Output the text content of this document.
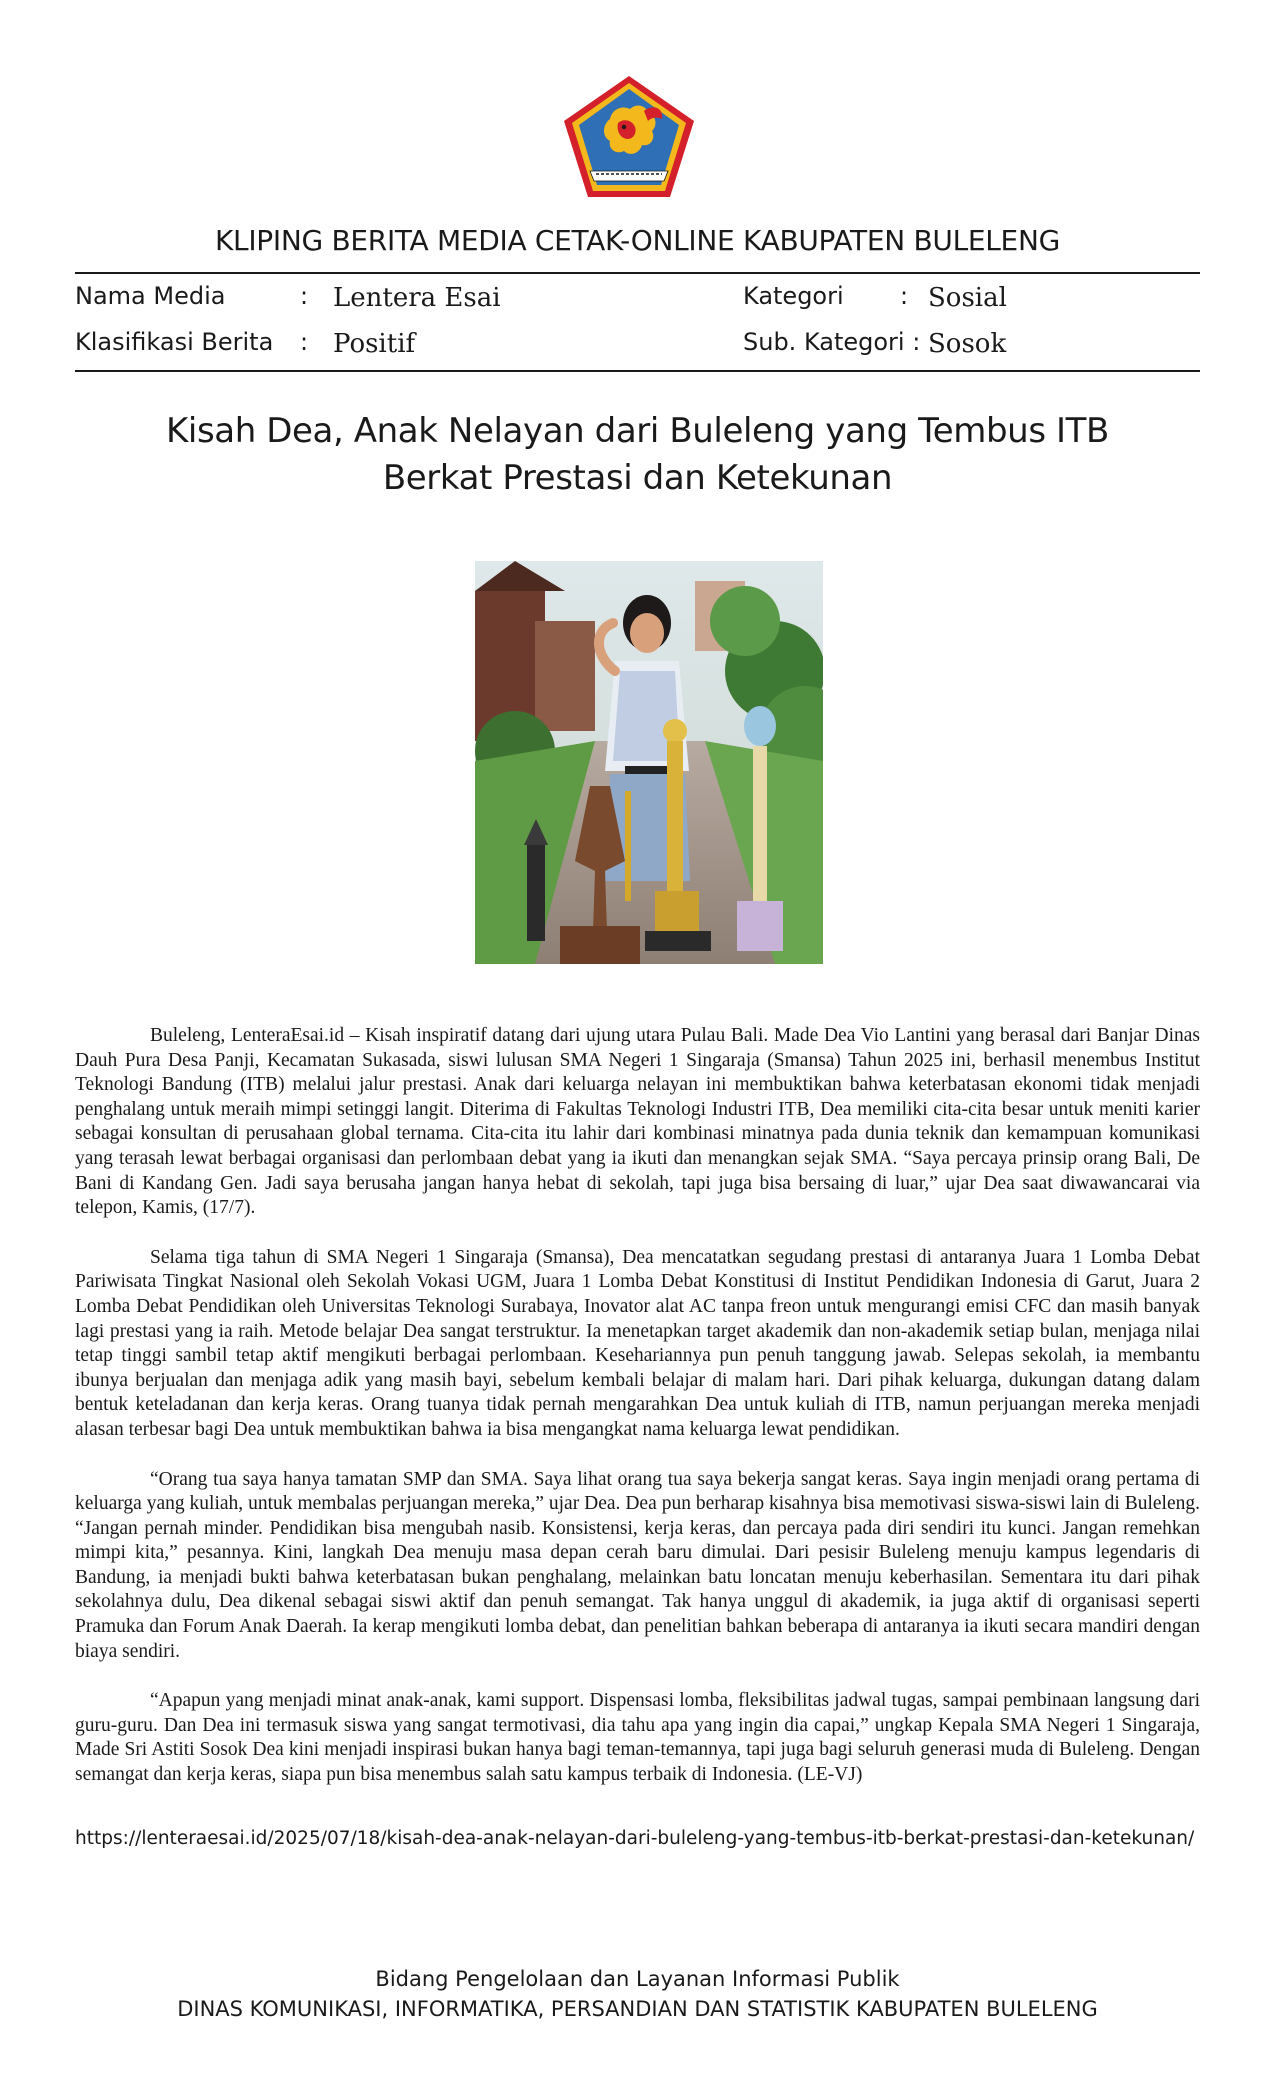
KLIPING BERITA MEDIA CETAK-ONLINE KABUPATEN BULELENG
Nama Media	: Lentera Esai	Kategori : Sosial
Klasifikasi Berita : Positif	Sub. Kategori : Sosok
Kisah Dea, Anak Nelayan dari Buleleng yang Tembus ITB
Berkat Prestasi dan Ketekunan

Buleleng, LenteraEsai.id – Kisah inspiratif datang dari ujung utara Pulau Bali. Made Dea Vio Lantini yang berasal dari Banjar Dinas Dauh Pura Desa Panji, Kecamatan Sukasada, siswi lulusan SMA Negeri 1 Singaraja (Smansa) Tahun 2025 ini, berhasil menembus Institut Teknologi Bandung (ITB) melalui jalur prestasi. Anak dari keluarga nelayan ini membuktikan bahwa keterbatasan ekonomi tidak menjadi penghalang untuk meraih mimpi setinggi langit. Diterima di Fakultas Teknologi Industri ITB, Dea memiliki cita-cita besar untuk meniti karier sebagai konsultan di perusahaan global ternama. Cita-cita itu lahir dari kombinasi minatnya pada dunia teknik dan kemampuan komunikasi yang terasah lewat berbagai organisasi dan perlombaan debat yang ia ikuti dan menangkan sejak SMA. “Saya percaya prinsip orang Bali, De Bani di Kandang Gen. Jadi saya berusaha jangan hanya hebat di sekolah, tapi juga bisa bersaing di luar,” ujar Dea saat diwawancarai via telepon, Kamis, (17/7).

Selama tiga tahun di SMA Negeri 1 Singaraja (Smansa), Dea mencatatkan segudang prestasi di antaranya Juara 1 Lomba Debat Pariwisata Tingkat Nasional oleh Sekolah Vokasi UGM, Juara 1 Lomba Debat Konstitusi di Institut Pendidikan Indonesia di Garut, Juara 2 Lomba Debat Pendidikan oleh Universitas Teknologi Surabaya, Inovator alat AC tanpa freon untuk mengurangi emisi CFC dan masih banyak lagi prestasi yang ia raih. Metode belajar Dea sangat terstruktur. Ia menetapkan target akademik dan non-akademik setiap bulan, menjaga nilai tetap tinggi sambil tetap aktif mengikuti berbagai perlombaan. Kesehariannya pun penuh tanggung jawab. Selepas sekolah, ia membantu ibunya berjualan dan menjaga adik yang masih bayi, sebelum kembali belajar di malam hari. Dari pihak keluarga, dukungan datang dalam bentuk keteladanan dan kerja keras. Orang tuanya tidak pernah mengarahkan Dea untuk kuliah di ITB, namun perjuangan mereka menjadi alasan terbesar bagi Dea untuk membuktikan bahwa ia bisa mengangkat nama keluarga lewat pendidikan.

“Orang tua saya hanya tamatan SMP dan SMA. Saya lihat orang tua saya bekerja sangat keras. Saya ingin menjadi orang pertama di keluarga yang kuliah, untuk membalas perjuangan mereka,” ujar Dea. Dea pun berharap kisahnya bisa memotivasi siswa-siswi lain di Buleleng. “Jangan pernah minder. Pendidikan bisa mengubah nasib. Konsistensi, kerja keras, dan percaya pada diri sendiri itu kunci. Jangan remehkan mimpi kita,” pesannya. Kini, langkah Dea menuju masa depan cerah baru dimulai. Dari pesisir Buleleng menuju kampus legendaris di Bandung, ia menjadi bukti bahwa keterbatasan bukan penghalang, melainkan batu loncatan menuju keberhasilan. Sementara itu dari pihak sekolahnya dulu, Dea dikenal sebagai siswi aktif dan penuh semangat. Tak hanya unggul di akademik, ia juga aktif di organisasi seperti Pramuka dan Forum Anak Daerah. Ia kerap mengikuti lomba debat, dan penelitian bahkan beberapa di antaranya ia ikuti secara mandiri dengan biaya sendiri.

“Apapun yang menjadi minat anak-anak, kami support. Dispensasi lomba, fleksibilitas jadwal tugas, sampai pembinaan langsung dari guru-guru. Dan Dea ini termasuk siswa yang sangat termotivasi, dia tahu apa yang ingin dia capai,” ungkap Kepala SMA Negeri 1 Singaraja, Made Sri Astiti Sosok Dea kini menjadi inspirasi bukan hanya bagi teman-temannya, tapi juga bagi seluruh generasi muda di Buleleng. Dengan semangat dan kerja keras, siapa pun bisa menembus salah satu kampus terbaik di Indonesia. (LE-VJ)

https://lenteraesai.id/2025/07/18/kisah-dea-anak-nelayan-dari-buleleng-yang-tembus-itb-berkat-prestasi-dan-ketekunan/
Bidang Pengelolaan dan Layanan Informasi Publik
DINAS KOMUNIKASI, INFORMATIKA, PERSANDIAN DAN STATISTIK KABUPATEN BULELENG
